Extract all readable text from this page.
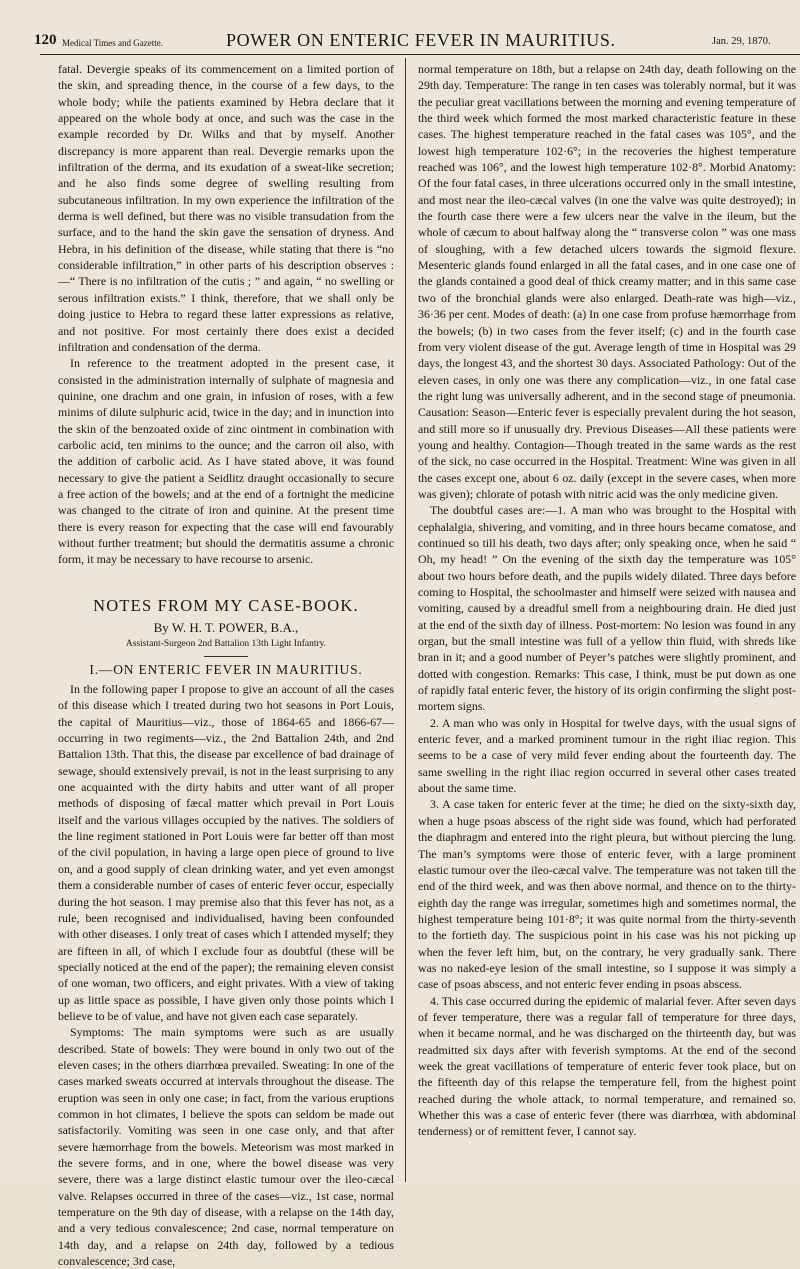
120 Medical Times and Gazette.	POWER ON ENTERIC FEVER IN MAURITIUS.	Jan. 29, 1870.

fatal. Devergie speaks of its commencement on a limited portion of the skin, and spreading thence, in the course of a few days, to the whole body; while the patients examined by Hebra declare that it appeared on the whole body at once, and such was the case in the example recorded by Dr. Wilks and that by myself. Another discrepancy is more apparent than real. Devergie remarks upon the infiltration of the derma, and its exudation of a sweat-like secretion; and he also finds some degree of swelling resulting from subcutaneous infiltration. In my own experience the infiltration of the derma is well defined, but there was no visible transudation from the surface, and to the hand the skin gave the sensation of dryness. And Hebra, in his definition of the disease, while stating that there is “no considerable infiltration,” in other parts of his description observes :—“ There is no infiltration of the cutis ; ” and again, “ no swelling or serous infiltration exists.” I think, therefore, that we shall only be doing justice to Hebra to regard these latter expressions as relative, and not positive. For most certainly there does exist a decided infiltration and condensation of the derma.

In reference to the treatment adopted in the present case, it consisted in the administration internally of sulphate of magnesia and quinine, one drachm and one grain, in infusion of roses, with a few minims of dilute sulphuric acid, twice in the day; and in inunction into the skin of the benzoated oxide of zinc ointment in combination with carbolic acid, ten minims to the ounce; and the carron oil also, with the addition of carbolic acid. As I have stated above, it was found necessary to give the patient a Seidlitz draught occasionally to secure a free action of the bowels; and at the end of a fortnight the medicine was changed to the citrate of iron and quinine. At the present time there is every reason for expecting that the case will end favourably without further treatment; but should the dermatitis assume a chronic form, it may be necessary to have recourse to arsenic.

NOTES FROM MY CASE-BOOK.
By W. H. T. POWER, B.A.,
Assistant-Surgeon 2nd Battalion 13th Light Infantry.
I.—ON ENTERIC FEVER IN MAURITIUS.

In the following paper I propose to give an account of all the cases of this disease which I treated during two hot seasons in Port Louis, the capital of Mauritius—viz., those of 1864-65 and 1866-67—occurring in two regiments—viz., the 2nd Battalion 24th, and 2nd Battalion 13th. That this, the disease par excellence of bad drainage of sewage, should extensively prevail, is not in the least surprising to any one acquainted with the dirty habits and utter want of all proper methods of disposing of fæcal matter which prevail in Port Louis itself and the various villages occupied by the natives. The soldiers of the line regiment stationed in Port Louis were far better off than most of the civil population, in having a large open piece of ground to live on, and a good supply of clean drinking water, and yet even amongst them a considerable number of cases of enteric fever occur, especially during the hot season. I may premise also that this fever has not, as a rule, been recognised and individualised, having been confounded with other diseases. I only treat of cases which I attended myself; they are fifteen in all, of which I exclude four as doubtful (these will be specially noticed at the end of the paper); the remaining eleven consist of one woman, two officers, and eight privates. With a view of taking up as little space as possible, I have given only those points which I believe to be of value, and have not given each case separately.

Symptoms: The main symptoms were such as are usually described. State of bowels: They were bound in only two out of the eleven cases; in the others diarrhœa prevailed. Sweating: In one of the cases marked sweats occurred at intervals throughout the disease. The eruption was seen in only one case; in fact, from the various eruptions common in hot climates, I believe the spots can seldom be made out satisfactorily. Vomiting was seen in one case only, and that after severe hæmorrhage from the bowels. Meteorism was most marked in the severe forms, and in one, where the bowel disease was very severe, there was a large distinct elastic tumour over the ileo-cæcal valve. Relapses occurred in three of the cases—viz., 1st case, normal temperature on the 9th day of disease, with a relapse on the 14th day, and a very tedious convalescence; 2nd case, normal temperature on 14th day, and a relapse on 24th day, followed by a tedious convalescence; 3rd case,

normal temperature on 18th, but a relapse on 24th day, death following on the 29th day. Temperature: The range in ten cases was tolerably normal, but it was the peculiar great vacillations between the morning and evening temperature of the third week which formed the most marked characteristic feature in these cases. The highest temperature reached in the fatal cases was 105°, and the lowest high temperature 102·6°; in the recoveries the highest temperature reached was 106°, and the lowest high temperature 102·8°. Morbid Anatomy: Of the four fatal cases, in three ulcerations occurred only in the small intestine, and most near the ileo-cæcal valves (in one the valve was quite destroyed); in the fourth case there were a few ulcers near the valve in the ileum, but the whole of cæcum to about halfway along the “ transverse colon ” was one mass of sloughing, with a few detached ulcers towards the sigmoid flexure. Mesenteric glands found enlarged in all the fatal cases, and in one case one of the glands contained a good deal of thick creamy matter; and in this same case two of the bronchial glands were also enlarged. Death-rate was high—viz., 36·36 per cent. Modes of death: (a) In one case from profuse hæmorrhage from the bowels; (b) in two cases from the fever itself; (c) and in the fourth case from very violent disease of the gut. Average length of time in Hospital was 29 days, the longest 43, and the shortest 30 days. Associated Pathology: Out of the eleven cases, in only one was there any complication—viz., in one fatal case the right lung was universally adherent, and in the second stage of pneumonia. Causation: Season—Enteric fever is especially prevalent during the hot season, and still more so if unusually dry. Previous Diseases—All these patients were young and healthy. Contagion—Though treated in the same wards as the rest of the sick, no case occurred in the Hospital. Treatment: Wine was given in all the cases except one, about 6 oz. daily (except in the severe cases, when more was given); chlorate of potash with nitric acid was the only medicine given.

The doubtful cases are:—1. A man who was brought to the Hospital with cephalalgia, shivering, and vomiting, and in three hours became comatose, and continued so till his death, two days after; only speaking once, when he said “ Oh, my head! ” On the evening of the sixth day the temperature was 105° about two hours before death, and the pupils widely dilated. Three days before coming to Hospital, the schoolmaster and himself were seized with nausea and vomiting, caused by a dreadful smell from a neighbouring drain. He died just at the end of the sixth day of illness. Post-mortem: No lesion was found in any organ, but the small intestine was full of a yellow thin fluid, with shreds like bran in it; and a good number of Peyer’s patches were slightly prominent, and dotted with congestion. Remarks: This case, I think, must be put down as one of rapidly fatal enteric fever, the history of its origin confirming the slight post-mortem signs.

2. A man who was only in Hospital for twelve days, with the usual signs of enteric fever, and a marked prominent tumour in the right iliac region. This seems to be a case of very mild fever ending about the fourteenth day. The same swelling in the right iliac region occurred in several other cases treated about the same time.

3. A case taken for enteric fever at the time; he died on the sixty-sixth day, when a huge psoas abscess of the right side was found, which had perforated the diaphragm and entered into the right pleura, but without piercing the lung. The man’s symptoms were those of enteric fever, with a large prominent elastic tumour over the ileo-cæcal valve. The temperature was not taken till the end of the third week, and was then above normal, and thence on to the thirty-eighth day the range was irregular, sometimes high and sometimes normal, the highest temperature being 101·8°; it was quite normal from the thirty-seventh to the fortieth day. The suspicious point in his case was his not picking up when the fever left him, but, on the contrary, he very gradually sank. There was no naked-eye lesion of the small intestine, so I suppose it was simply a case of psoas abscess, and not enteric fever ending in psoas abscess.

4. This case occurred during the epidemic of malarial fever. After seven days of fever temperature, there was a regular fall of temperature for three days, when it became normal, and he was discharged on the thirteenth day, but was readmitted six days after with feverish symptoms. At the end of the second week the great vacillations of temperature of enteric fever took place, but on the fifteenth day of this relapse the temperature fell, from the highest point reached during the whole attack, to normal temperature, and remained so. Whether this was a case of enteric fever (there was diarrhœa, with abdominal tenderness) or of remittent fever, I cannot say.
